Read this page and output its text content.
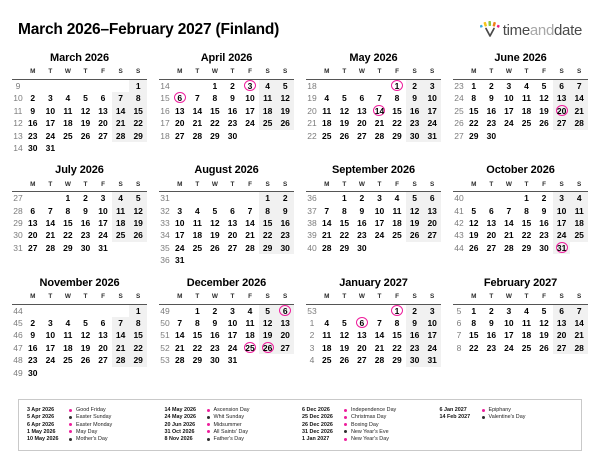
March 2026–February 2027 (Finland)	timeanddate
March 2026
	M	T	W	T	F	S	S
9							1
10	2	3	4	5	6	7	8
11	9	10	11	12	13	14	15
12	16	17	18	19	20	21	22
13	23	24	25	26	27	28	29
14	30	31					
April 2026
	M	T	W	T	F	S	S
14			1	2	3	4	5
15	6	7	8	9	10	11	12
16	13	14	15	16	17	18	19
17	20	21	22	23	24	25	26
18	27	28	29	30			
May 2026
	M	T	W	T	F	S	S
18					1	2	3
19	4	5	6	7	8	9	10
20	11	12	13	14	15	16	17
21	18	19	20	21	22	23	24
22	25	26	27	28	29	30	31
June 2026
	M	T	W	T	F	S	S
23	1	2	3	4	5	6	7
24	8	9	10	11	12	13	14
25	15	16	17	18	19	20	21
26	22	23	24	25	26	27	28
27	29	30					
July 2026
	M	T	W	T	F	S	S
27			1	2	3	4	5
28	6	7	8	9	10	11	12
29	13	14	15	16	17	18	19
30	20	21	22	23	24	25	26
31	27	28	29	30	31		
August 2026
	M	T	W	T	F	S	S
31						1	2
32	3	4	5	6	7	8	9
33	10	11	12	13	14	15	16
34	17	18	19	20	21	22	23
35	24	25	26	27	28	29	30
36	31						
September 2026
	M	T	W	T	F	S	S
36		1	2	3	4	5	6
37	7	8	9	10	11	12	13
38	14	15	16	17	18	19	20
39	21	22	23	24	25	26	27
40	28	29	30				
October 2026
	M	T	W	T	F	S	S
40				1	2	3	4
41	5	6	7	8	9	10	11
42	12	13	14	15	16	17	18
43	19	20	21	22	23	24	25
44	26	27	28	29	30	31	
November 2026
	M	T	W	T	F	S	S
44							1
45	2	3	4	5	6	7	8
46	9	10	11	12	13	14	15
47	16	17	18	19	20	21	22
48	23	24	25	26	27	28	29
49	30						
December 2026
	M	T	W	T	F	S	S
49		1	2	3	4	5	6
50	7	8	9	10	11	12	13
51	14	15	16	17	18	19	20
52	21	22	23	24	25	26	27
53	28	29	30	31			
January 2027
	M	T	W	T	F	S	S
53					1	2	3
1	4	5	6	7	8	9	10
2	11	12	13	14	15	16	17
3	18	19	20	21	22	23	24
4	25	26	27	28	29	30	31
February 2027
	M	T	W	T	F	S	S
5	1	2	3	4	5	6	7
6	8	9	10	11	12	13	14
7	15	16	17	18	19	20	21
8	22	23	24	25	26	27	28
3 Apr 2026	Good Friday
5 Apr 2026	Easter Sunday
6 Apr 2026	Easter Monday
1 May 2026	May Day
10 May 2026	Mother's Day
14 May 2026	Ascension Day
24 May 2026	Whit Sunday
20 Jun 2026	Midsummer
31 Oct 2026	All Saints' Day
8 Nov 2026	Father's Day
6 Dec 2026	Independence Day
25 Dec 2026	Christmas Day
26 Dec 2026	Boxing Day
31 Dec 2026	New Year's Eve
1 Jan 2027	New Year's Day
6 Jan 2027	Epiphany
14 Feb 2027	Valentine's Day
